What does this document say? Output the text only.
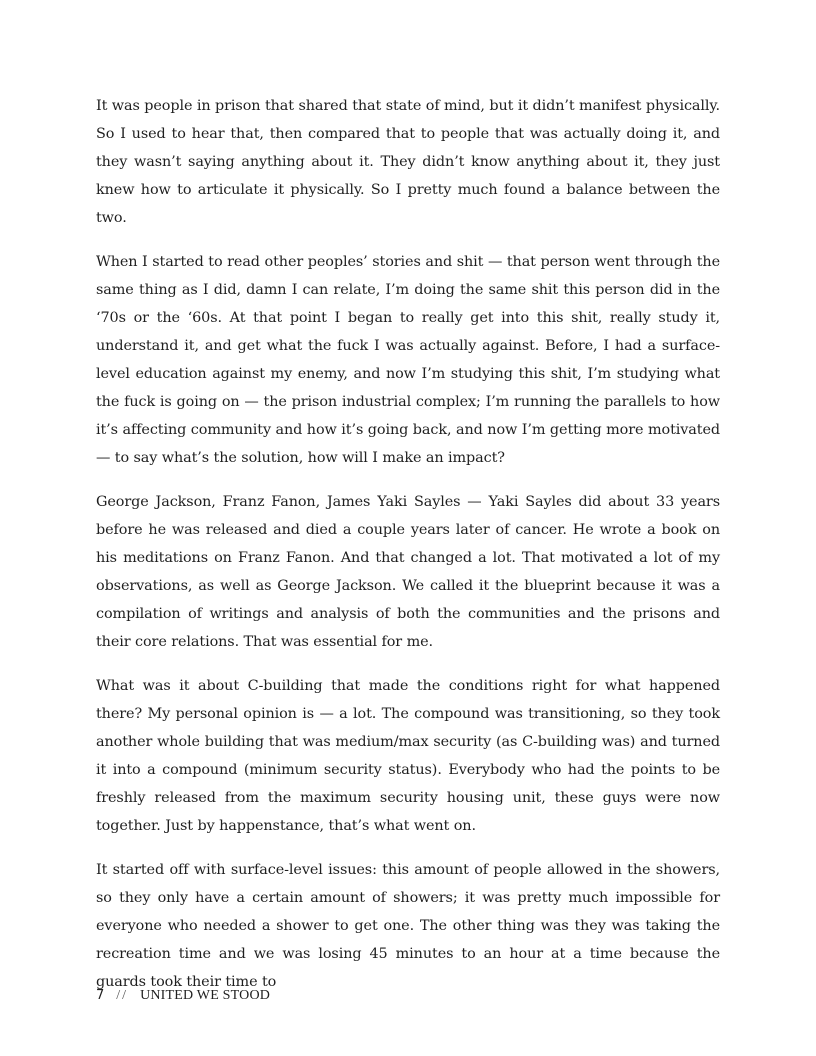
It was people in prison that shared that state of mind, but it didn’t manifest physically. So I used to hear that, then compared that to people that was actually doing it, and they wasn’t saying anything about it. They didn’t know anything about it, they just knew how to articulate it physically. So I pretty much found a balance between the two.

When I started to read other peoples’ stories and shit — that person went through the same thing as I did, damn I can relate, I’m doing the same shit this person did in the ‘70s or the ‘60s. At that point I began to really get into this shit, really study it, understand it, and get what the fuck I was actually against. Before, I had a surface-level education against my enemy, and now I’m studying this shit, I’m studying what the fuck is going on — the prison industrial complex; I’m running the parallels to how it’s affecting community and how it’s going back, and now I’m getting more motivated — to say what’s the solution, how will I make an impact?

George Jackson, Franz Fanon, James Yaki Sayles — Yaki Sayles did about 33 years before he was released and died a couple years later of cancer. He wrote a book on his meditations on Franz Fanon. And that changed a lot. That motivated a lot of my observations, as well as George Jackson. We called it the blueprint because it was a compilation of writings and analysis of both the communities and the prisons and their core relations. That was essential for me.

What was it about C-building that made the conditions right for what happened there? My personal opinion is — a lot. The compound was transitioning, so they took another whole building that was medium/max security (as C-building was) and turned it into a compound (minimum security status). Everybody who had the points to be freshly released from the maximum security housing unit, these guys were now together. Just by happenstance, that’s what went on.

It started off with surface-level issues: this amount of people allowed in the showers, so they only have a certain amount of showers; it was pretty much impossible for everyone who needed a shower to get one. The other thing was they was taking the recreation time and we was losing 45 minutes to an hour at a time because the guards took their time to

7 // UNITED WE STOOD
